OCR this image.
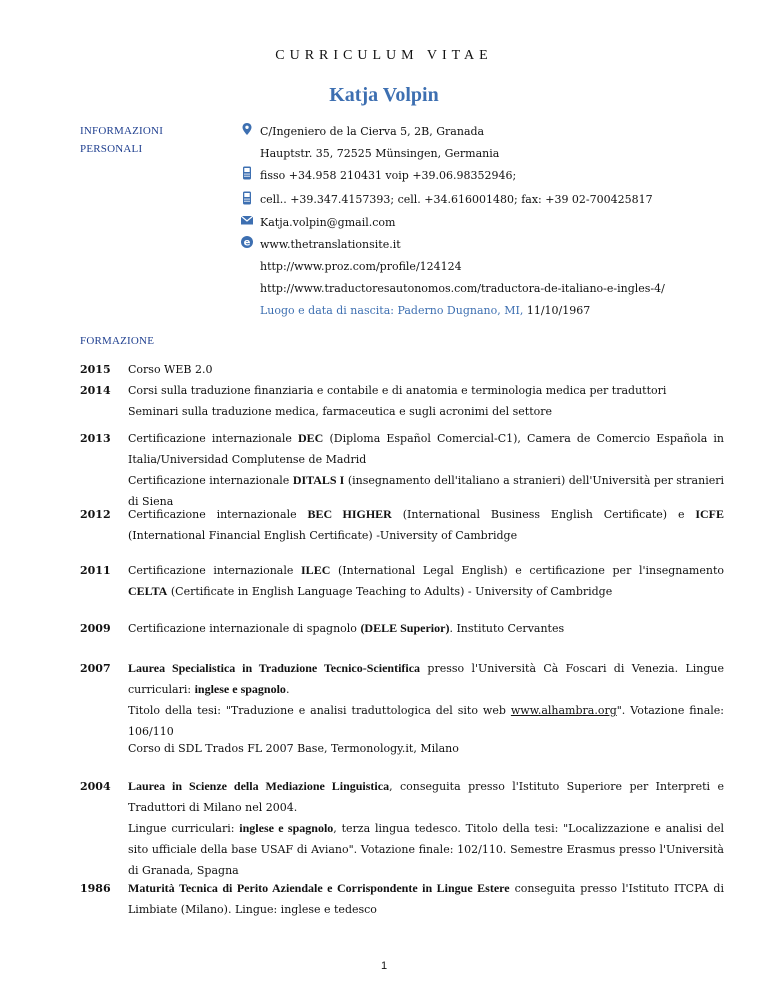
CURRICULUM VITAE
Katja Volpin
INFORMAZIONI
PERSONALI
e
C/Ingeniero de la Cierva 5, 2B, Granada
Hauptstr. 35, 72525 Münsingen, Germania
fisso +34.958 210431 voip +39.06.98352946;
cell.. +39.347.4157393; cell. +34.616001480; fax: +39 02-700425817
Katja.volpin@gmail.com
www.thetranslationsite.it
http://www.proz.com/profile/124124
http://www.traductoresautonomos.com/traductora-de-italiano-e-ingles-4/
Luogo e data di nascita: Paderno Dugnano, MI, 11/10/1967
FORMAZIONE
2015
2014

Corso WEB 2.0

Corsi sulla traduzione finanziaria e contabile e di anatomia e terminologia medica per traduttori

Seminari sulla traduzione medica, farmaceutica e sugli acronimi del settore

2013 Certificazione internazionale DEC (Diploma Español Comercial-C1), Camera de Comercio Española in Italia/Universidad Complutense de Madrid

Certificazione internazionale DITALS I (insegnamento dell'italiano a stranieri) dell'Università per stranieri di Siena

2012 Certificazione internazionale BEC HIGHER (International Business English Certificate) e ICFE (International Financial English Certificate) -University of Cambridge

2011 Certificazione internazionale ILEC (International Legal English) e certificazione per l'insegnamento CELTA (Certificate in English Language Teaching to Adults) - University of Cambridge

2009 Certificazione internazionale di spagnolo (DELE Superior). Instituto Cervantes

2007 Laurea Specialistica in Traduzione Tecnico-Scientifica presso l'Università Cà Foscari di Venezia. Lingue curriculari: inglese e spagnolo.

Titolo della tesi: "Traduzione e analisi traduttologica del sito web www.alhambra.org". Votazione finale: 106/110

Corso di SDL Trados FL 2007 Base, Termonology.it, Milano

2004 Laurea in Scienze della Mediazione Linguistica, conseguita presso l'Istituto Superiore per Interpreti e Traduttori di Milano nel 2004.

Lingue curriculari: inglese e spagnolo, terza lingua tedesco. Titolo della tesi: "Localizzazione e analisi del sito ufficiale della base USAF di Aviano". Votazione finale: 102/110. Semestre Erasmus presso l'Università di Granada, Spagna

1986 Maturità Tecnica di Perito Aziendale e Corrispondente in Lingue Estere conseguita presso l'Istituto ITCPA di Limbiate (Milano). Lingue: inglese e tedesco

1
